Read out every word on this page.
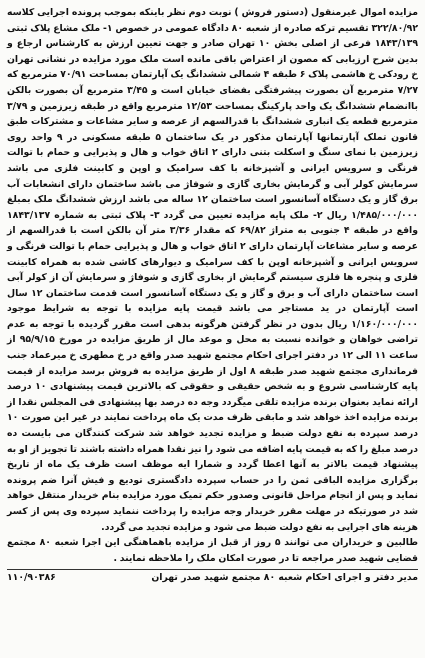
مزایده اموال غیرمنقول (دستور فروش ) نوبت دوم نظر باینکه بموجب پرونده اجرایی کلاسه ۳۲۲/۸۰/۹۲ تقسیم ترکه صادره از شعبه ۸۰ دادگاه عمومی در خصوص ۱- ملک مشاع پلاک ثبتی ۱۸۴۳/۱۳۹ فرعی از اصلی بخش ۱۰ تهران صادر و جهت تعیین ارزش به کارشناس ارجاع و بدین شرح ارزیابی که مصون از اعتراض باقی مانده است ملک مورد مزایده در نشانی تهران خ رودکی خ هاشمی پلاک ۶ طبقه ۴ شمالی ششدانگ یک آپارتمان بمساحت ۷۰/۹۱ مترمربع که ۷/۲۷ مترمربع آن بصورت پیشرفتگی بفضای خیابان است و ۳/۴۵ مترمربع آن بصورت بالکن باانضمام ششدانگ یک واحد پارکینگ بمساحت ۱۲/۵۳ مترمربع واقع در طبقه زیرزمین و ۳/۷۹ مترمربع قطعه یک انباری ششدانگ با قدرالسهم از عرصه و سایر مشاعات و مشترکات طبق قانون تملک آپارتمانها آپارتمان مذکور در یک ساختمان ۵ طبقه مسکونی در ۹ واحد روی زیرزمین با نمای سنگ و اسکلت بتنی دارای ۲ اتاق خواب و هال و پذیرایی و حمام با توالت فرنگی و سرویس ایرانی و آشپزخانه با کف سرامیک و اوپن و کابینت فلزی می باشد سرمایش کولر آبی و گرمایش بخاری گازی و شوفاژ می باشد ساختمان دارای انشعابات آب برق گاز و یک دستگاه آسانسور است ساختمان ۱۲ ساله می باشد ارزش ششدانگ ملک بمبلغ ۱/۴۸۵/۰۰۰/۰۰۰ ریال ۲- ملک پایه مزایده تعیین می گردد ۳- پلاک ثبتی به شماره ۱۸۴۳/۱۳۷ واقع در طبقه ۴ جنوبی به متراژ ۶۹/۸۲ که مقدار ۳/۳۶ متر آن بالکن است با قدرالسهم از عرصه و سایر مشاعات آپارتمان دارای ۲ اتاق خواب و هال و پذیرایی حمام با توالت فرنگی و سرویس ایرانی و آشپزخانه اوپن با کف سرامیک و دیوارهای کاشی شده به همراه کابینت فلزی و پنجره ها فلزی سیستم گرمایش از بخاری گازی و شوفاژ و سرمایش آن از کولر آبی است ساختمان دارای آب و برق و گاز و یک دستگاه آسانسور است قدمت ساختمان ۱۲ سال است آپارتمان در ید مستاجر می باشد قیمت پایه مزایده با توجه به شرایط موجود ۱/۱۶۰/۰۰۰/۰۰۰ ریال بدون در نظر گرفتن هرگونه بدهی است مقرر گردیده با توجه به عدم تراضی خواهان و خوانده نسبت به محل و موعد مال از طریق مزایده در مورخ ۹۵/۹/۱۵ از ساعت ۱۱ الی ۱۲ در دفتر اجرای احکام مجتمع شهید صدر واقع در خ مطهری خ میرعماد جنب فرمانداری مجتمع شهید صدر طبقه ۸ اول از طریق مزایده به فروش برسد مزایده از قیمت پایه کارشناسی شروع و به شخص حقیقی و حقوقی که بالاترین قیمت پیشنهادی ۱۰ درصد ارائه نماید بعنوان برنده مزایده تلقی میگردد وجه ده درصد بها پیشنهادی فی المجلس نقدا از برنده مزایده اخذ خواهد شد و مابقی ظرف مدت یک ماه پرداخت نمایند در غیر این صورت ۱۰ درصد سپرده به نفع دولت ضبط و مزایده تجدید خواهد شد شرکت کنندگان می بایست ده درصد مبلغ را که به قیمت پایه اضافه می شود را نیز نقدا همراه داشته باشند تا تجویز از او به پیشنهاد قیمت بالاتر به آنها اعطا گردد و شمارا ایه موظف است ظرف یک ماه از تاریخ برگزاری مزایده الباقی ثمن را در حساب سپرده دادگستری تودیع و فیش آنرا ضم پرونده نماید و پس از انجام مراحل قانونی وصدور حکم تمیک مورد مزایده بنام خریدار منتقل خواهد شد در صورتیکه در مهلت مقرر خریدار وجه مزایده را پرداخت ننماید سپرده وی پس از کسر هزینه های اجرایی به نفع دولت ضبط می شود و مزایده تجدید می گردد.

طالبین و خریداران می توانند ۵ روز از قبل از مزایده باهماهنگی این اجرا شعبه ۸۰ مجتمع قضایی شهید صدر مراجعه تا در صورت امکان ملک را ملاحظه نمایند .

مدیر دفتر و اجرای احکام شعبه ۸۰ مجتمع شهید صدر تهران
۱۱۰/۹۰۳۸۶
